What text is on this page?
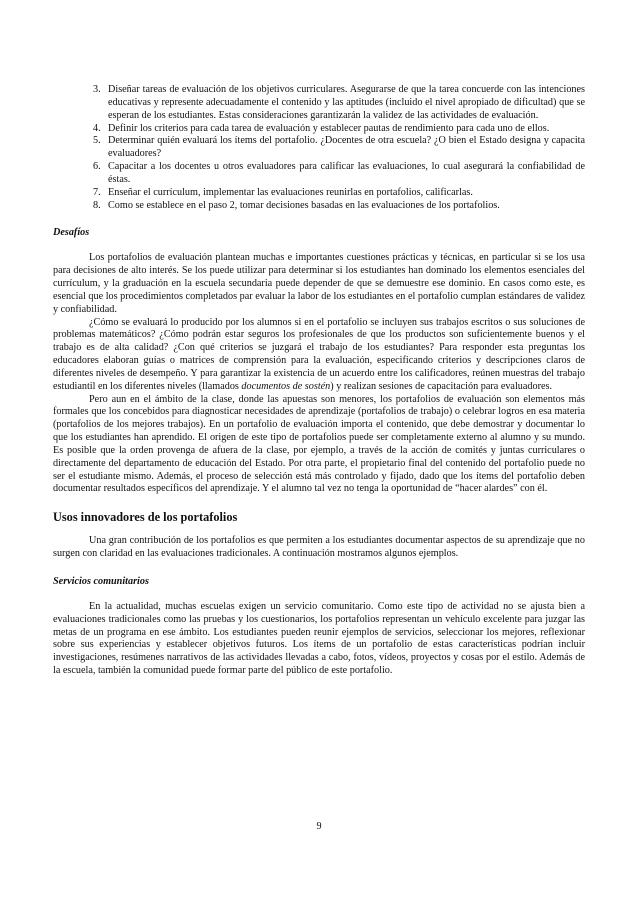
3. Diseñar tareas de evaluación de los objetivos curriculares. Asegurarse de que la tarea concuerde con las intenciones educativas y represente adecuadamente el contenido y las aptitudes (incluido el nivel apropiado de dificultad) que se esperan de los estudiantes. Estas consideraciones garantizarán la validez de las actividades de evaluación.
4. Definir los criterios para cada tarea de evaluación y establecer pautas de rendimiento para cada uno de ellos.
5. Determinar quién evaluará los ítems del portafolio. ¿Docentes de otra escuela? ¿O bien el Estado designa y capacita evaluadores?
6. Capacitar a los docentes u otros evaluadores para calificar las evaluaciones, lo cual asegurará la confiabilidad de éstas.
7. Enseñar el currículum, implementar las evaluaciones reunirlas en portafolios, calificarlas.
8. Como se establece en el paso 2, tomar decisiones basadas en las evaluaciones de los portafolios.
Desafíos

Los portafolios de evaluación plantean muchas e importantes cuestiones prácticas y técnicas, en particular si se los usa para decisiones de alto interés. Se los puede utilizar para determinar si los estudiantes han dominado los elementos esenciales del currículum, y la graduación en la escuela secundaria puede depender de que se demuestre ese dominio. En casos como este, es esencial que los procedimientos completados par evaluar la labor de los estudiantes en el portafolio cumplan estándares de validez y confiabilidad.

¿Cómo se evaluará lo producido por los alumnos si en el portafolio se incluyen sus trabajos escritos o sus soluciones de problemas matemáticos? ¿Cómo podrán estar seguros los profesionales de que los productos son suficientemente buenos y el trabajo es de alta calidad? ¿Con qué criterios se juzgará el trabajo de los estudiantes? Para responder esta preguntas los educadores elaboran guías o matrices de comprensión para la evaluación, especificando criterios y descripciones claros de diferentes niveles de desempeño. Y para garantizar la existencia de un acuerdo entre los calificadores, reúnen muestras del trabajo estudiantil en los diferentes niveles (llamados documentos de sostén) y realizan sesiones de capacitación para evaluadores.

Pero aun en el ámbito de la clase, donde las apuestas son menores, los portafolios de evaluación son elementos más formales que los concebidos para diagnosticar necesidades de aprendizaje (portafolios de trabajo) o celebrar logros en esa materia (portafolios de los mejores trabajos). En un portafolio de evaluación importa el contenido, que debe demostrar y documentar lo que los estudiantes han aprendido. El origen de este tipo de portafolios puede ser completamente externo al alumno y su mundo. Es posible que la orden provenga de afuera de la clase, por ejemplo, a través de la acción de comités y juntas curriculares o directamente del departamento de educación del Estado. Por otra parte, el propietario final del contenido del portafolio puede no ser el estudiante mismo. Además, el proceso de selección está más controlado y fijado, dado que los ítems del portafolio deben documentar resultados específicos del aprendizaje. Y el alumno tal vez no tenga la oportunidad de “hacer alardes” con él.

Usos innovadores de los portafolios

Una gran contribución de los portafolios es que permiten a los estudiantes documentar aspectos de su aprendizaje que no surgen con claridad en las evaluaciones tradicionales. A continuación mostramos algunos ejemplos.

Servicios comunitarios

En la actualidad, muchas escuelas exigen un servicio comunitario. Como este tipo de actividad no se ajusta bien a evaluaciones tradicionales como las pruebas y los cuestionarios, los portafolios representan un vehículo excelente para juzgar las metas de un programa en ese ámbito. Los estudiantes pueden reunir ejemplos de servicios, seleccionar los mejores, reflexionar sobre sus experiencias y establecer objetivos futuros. Los ítems de un portafolio de estas características podrían incluir investigaciones, resúmenes narrativos de las actividades llevadas a cabo, fotos, vídeos, proyectos y cosas por el estilo. Además de la escuela, también la comunidad puede formar parte del público de este portafolio.

9
